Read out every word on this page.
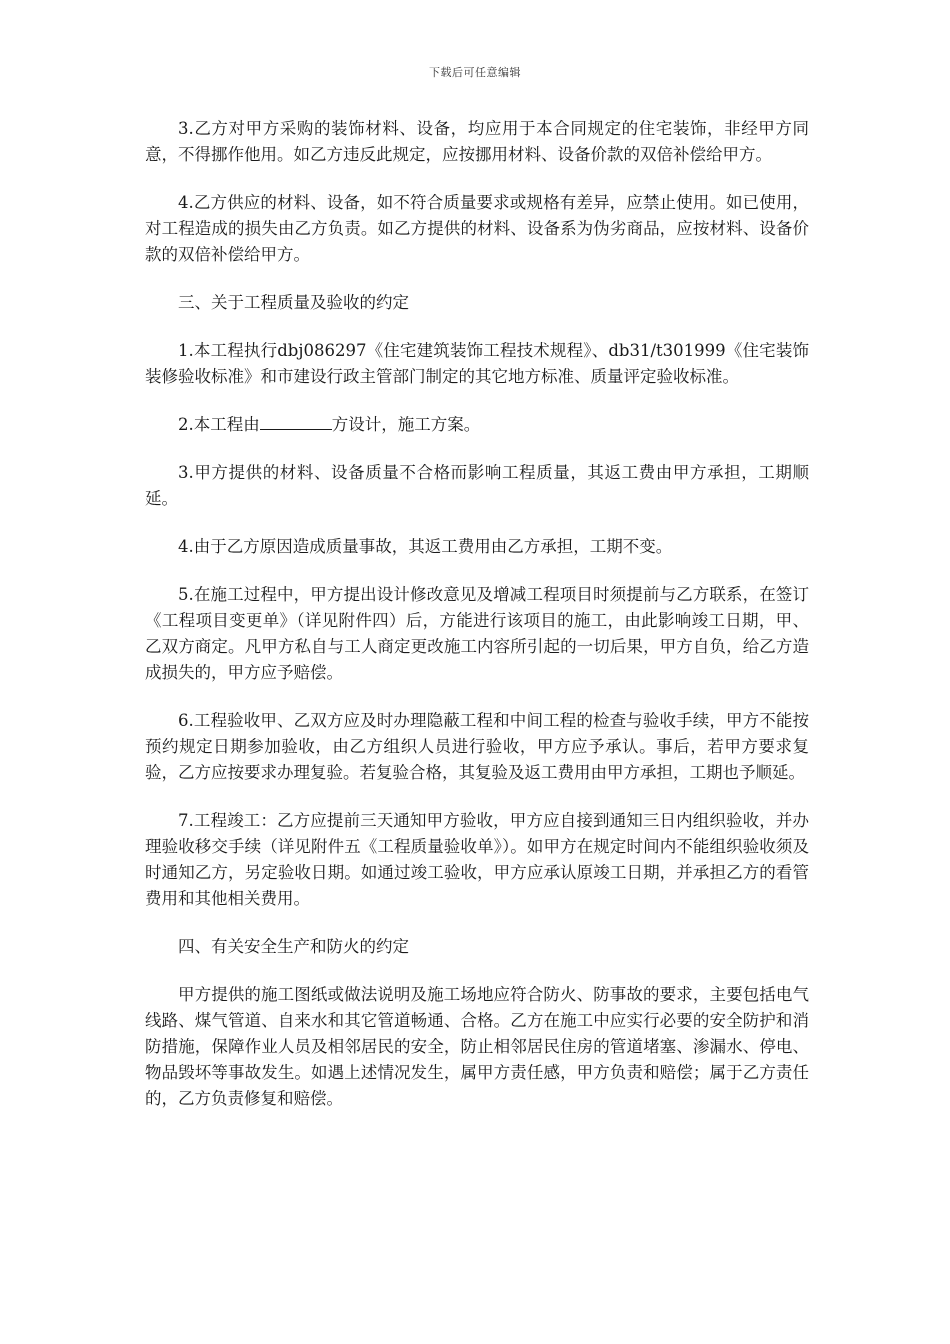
下载后可任意编辑

3.乙方对甲方采购的装饰材料、设备，均应用于本合同规定的住宅装饰，非经甲方同意，不得挪作他用。如乙方违反此规定，应按挪用材料、设备价款的双倍补偿给甲方。

4.乙方供应的材料、设备，如不符合质量要求或规格有差异，应禁止使用。如已使用，对工程造成的损失由乙方负责。如乙方提供的材料、设备系为伪劣商品，应按材料、设备价款的双倍补偿给甲方。

三、关于工程质量及验收的约定

1.本工程执行dbj086297《住宅建筑装饰工程技术规程》、db31/t301999《住宅装饰装修验收标准》和市建设行政主管部门制定的其它地方标准、质量评定验收标准。

2.本工程由	方设计，施工方案。

3.甲方提供的材料、设备质量不合格而影响工程质量，其返工费由甲方承担，工期顺延。

4.由于乙方原因造成质量事故，其返工费用由乙方承担，工期不变。

5.在施工过程中，甲方提出设计修改意见及增减工程项目时须提前与乙方联系，在签订《工程项目变更单》（详见附件四）后，方能进行该项目的施工，由此影响竣工日期，甲、乙双方商定。凡甲方私自与工人商定更改施工内容所引起的一切后果，甲方自负，给乙方造成损失的，甲方应予赔偿。

6.工程验收甲、乙双方应及时办理隐蔽工程和中间工程的检查与验收手续，甲方不能按预约规定日期参加验收，由乙方组织人员进行验收，甲方应予承认。事后，若甲方要求复验，乙方应按要求办理复验。若复验合格，其复验及返工费用由甲方承担，工期也予顺延。

7.工程竣工：乙方应提前三天通知甲方验收，甲方应自接到通知三日内组织验收，并办理验收移交手续（详见附件五《工程质量验收单》）。如甲方在规定时间内不能组织验收须及时通知乙方，另定验收日期。如通过竣工验收，甲方应承认原竣工日期，并承担乙方的看管费用和其他相关费用。

四、有关安全生产和防火的约定

甲方提供的施工图纸或做法说明及施工场地应符合防火、防事故的要求，主要包括电气线路、煤气管道、自来水和其它管道畅通、合格。乙方在施工中应实行必要的安全防护和消防措施，保障作业人员及相邻居民的安全，防止相邻居民住房的管道堵塞、渗漏水、停电、物品毁坏等事故发生。如遇上述情况发生，属甲方责任感，甲方负责和赔偿；属于乙方责任的，乙方负责修复和赔偿。
